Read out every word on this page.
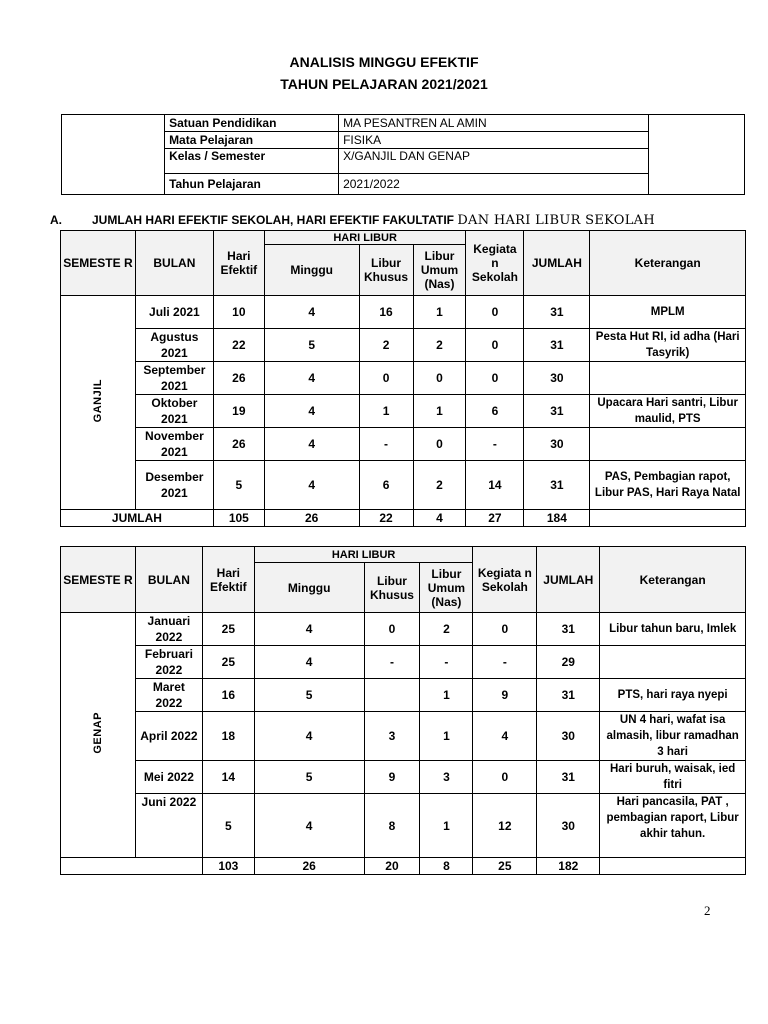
ANALISIS MINGGU EFEKTIF
TAHUN PELAJARAN 2021/2021
	Satuan Pendidikan	MA PESANTREN AL AMIN	
	Mata Pelajaran	FISIKA	
	Kelas / Semester	X/GANJIL DAN GENAP	
	Tahun Pelajaran	2021/2022	
A.	JUMLAH HARI EFEKTIF SEKOLAH, HARI EFEKTIF FAKULTATIF DAN HARI LIBUR SEKOLAH
SEMESTE R	BULAN	Hari Efektif	HARI LIBUR			Kegiata n Sekolah	JUMLAH	Keterangan
			Minggu	Libur Khusus	Libur Umum (Nas)			
GANJIL	Juli 2021	10	4	16	1	0	31	MPLM
	Agustus 2021	22	5	2	2	0	31	Pesta Hut RI, id adha (Hari Tasyrik)
	September 2021	26	4	0	0	0	30	
	Oktober 2021	19	4	1	1	6	31	Upacara Hari santri, Libur maulid, PTS
	November 2021	26	4	-	0	-	30	
	Desember 2021	5	4	6	2	14	31	PAS, Pembagian rapot, Libur PAS, Hari Raya Natal
JUMLAH		105	26	22	4	27	184	
SEMESTE R	BULAN	Hari Efektif	HARI LIBUR			Kegiata n Sekolah	JUMLAH	Keterangan
			Minggu	Libur Khusus	Libur Umum (Nas)			
GENAP	Januari 2022	25	4	0	2	0	31	Libur tahun baru, Imlek
	Februari 2022	25	4	-	-	-	29	
	Maret 2022	16	5		1	9	31	PTS, hari raya nyepi
	April 2022	18	4	3	1	4	30	UN 4 hari, wafat isa almasih, libur ramadhan 3 hari
	Mei 2022	14	5	9	3	0	31	Hari buruh, waisak, ied fitri
	Juni 2022	5	4	8	1	12	30	Hari pancasila, PAT , pembagian raport, Libur akhir tahun.
		103	26	20	8	25	182	
2
